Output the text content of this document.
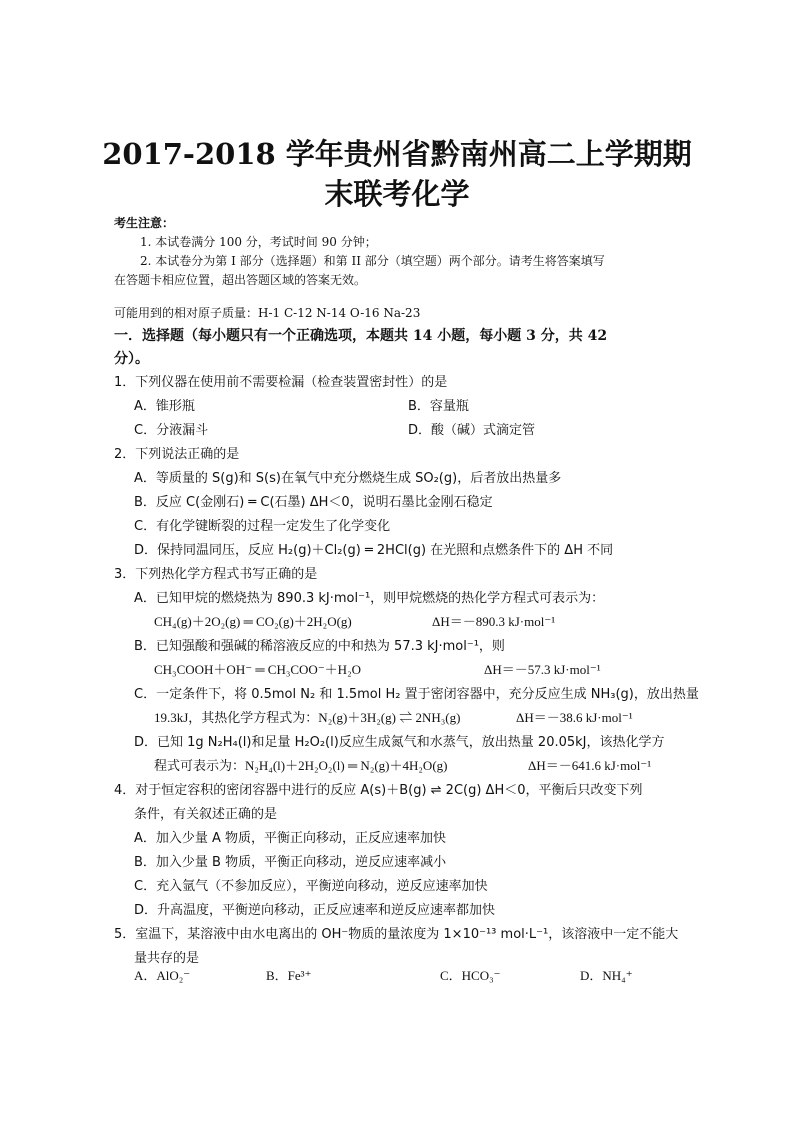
2017-2018 学年贵州省黔南州高二上学期期
末联考化学
考生注意：
1. 本试卷满分 100 分，考试时间 90 分钟；
2. 本试卷分为第 I 部分（选择题）和第 II 部分（填空题）两个部分。请考生将答案填写
在答题卡相应位置，超出答题区域的答案无效。
可能用到的相对原子质量：H-1 C-12 N-14 O-16 Na-23
一．选择题（每小题只有一个正确选项，本题共 14 小题，每小题 3 分，共 42
分）。
1．下列仪器在使用前不需要检漏（检查装置密封性）的是
A．锥形瓶	B．容量瓶
C．分液漏斗	D．酸（碱）式滴定管
2．下列说法正确的是
A．等质量的 S(g)和 S(s)在氧气中充分燃烧生成 SO₂(g)，后者放出热量多
B．反应 C(金刚石) ═ C(石墨) ΔH＜0，说明石墨比金刚石稳定
C．有化学键断裂的过程一定发生了化学变化
D．保持同温同压，反应 H₂(g)＋Cl₂(g) ═ 2HCl(g) 在光照和点燃条件下的 ΔH 不同
3．下列热化学方程式书写正确的是
A．已知甲烷的燃烧热为 890.3 kJ·mol⁻¹，则甲烷燃烧的热化学方程式可表示为：
CH₄(g)＋2O₂(g) ═ CO₂(g)＋2H₂O(g)	ΔH＝－890.3 kJ·mol⁻¹
B．已知强酸和强碱的稀溶液反应的中和热为 57.3 kJ·mol⁻¹，则
CH₃COOH＋OH⁻ ═ CH₃COO⁻＋H₂O	ΔH＝－57.3 kJ·mol⁻¹
C．一定条件下，将 0.5mol N₂ 和 1.5mol H₂ 置于密闭容器中，充分反应生成 NH₃(g)，放出热量
19.3kJ，其热化学方程式为：N₂(g)＋3H₂(g) ⇌ 2NH₃(g)	ΔH＝－38.6 kJ·mol⁻¹
D．已知 1g N₂H₄(l)和足量 H₂O₂(l)反应生成氮气和水蒸气，放出热量 20.05kJ，该热化学方
程式可表示为：N₂H₄(l)＋2H₂O₂(l) ═ N₂(g)＋4H₂O(g)	ΔH＝－641.6 kJ·mol⁻¹
4．对于恒定容积的密闭容器中进行的反应 A(s)＋B(g) ⇌ 2C(g) ΔH＜0，平衡后只改变下列
条件，有关叙述正确的是
A．加入少量 A 物质，平衡正向移动，正反应速率加快
B．加入少量 B 物质，平衡正向移动，逆反应速率减小
C．充入氩气（不参加反应），平衡逆向移动，逆反应速率加快
D．升高温度，平衡逆向移动，正反应速率和逆反应速率都加快
5．室温下，某溶液中由水电离出的 OH⁻物质的量浓度为 1×10⁻¹³ mol·L⁻¹，该溶液中一定不能大
量共存的是
A．AlO₂⁻	B．Fe³⁺	C．HCO₃⁻	D．NH₄⁺
